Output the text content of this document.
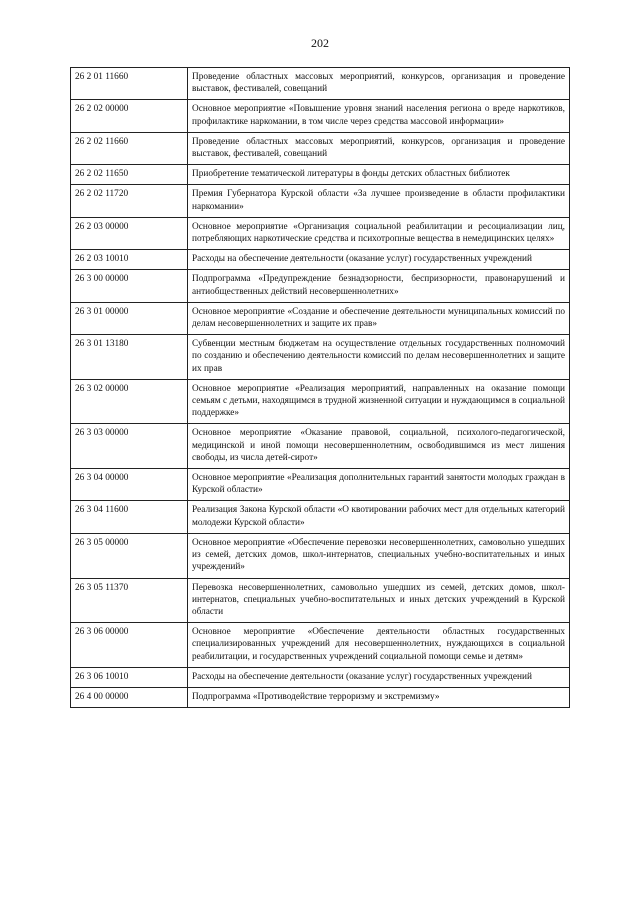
202
26 2 01 11660	Проведение областных массовых мероприятий, конкурсов, организация и проведение выставок, фестивалей, совещаний
26 2 02 00000	Основное мероприятие «Повышение уровня знаний населения региона о вреде наркотиков, профилактике наркомании, в том числе через средства массовой информации»
26 2 02 11660	Проведение областных массовых мероприятий, конкурсов, организация и проведение выставок, фестивалей, совещаний
26 2 02 11650	Приобретение тематической литературы в фонды детских областных библиотек
26 2 02 11720	Премия Губернатора Курской области «За лучшее произведение в области профилактики наркомании»
26 2 03 00000	Основное мероприятие «Организация социальной реабилитации и ресоциализации лиц, потребляющих наркотические средства и психотропные вещества в немедицинских целях»
26 2 03 10010	Расходы на обеспечение деятельности (оказание услуг) государственных учреждений
26 3 00 00000	Подпрограмма «Предупреждение безнадзорности, беспризорности, правонарушений и антиобщественных действий несовершеннолетних»
26 3 01 00000	Основное мероприятие «Создание и обеспечение деятельности муниципальных комиссий по делам несовершеннолетних и защите их прав»
26 3 01 13180	Субвенции местным бюджетам на осуществление отдельных государственных полномочий по созданию и обеспечению деятельности комиссий по делам несовершеннолетних и защите их прав
26 3 02 00000	Основное мероприятие «Реализация мероприятий, направленных на оказание помощи семьям с детьми, находящимся в трудной жизненной ситуации и нуждающимся в социальной поддержке»
26 3 03 00000	Основное мероприятие «Оказание правовой, социальной, психолого-педагогической, медицинской и иной помощи несовершеннолетним, освободившимся из мест лишения свободы, из числа детей-сирот»
26 3 04 00000	Основное мероприятие «Реализация дополнительных гарантий занятости молодых граждан в Курской области»
26 3 04 11600	Реализация Закона Курской области «О квотировании рабочих мест для отдельных категорий молодежи Курской области»
26 3 05 00000	Основное мероприятие «Обеспечение перевозки несовершеннолетних, самовольно ушедших из семей, детских домов, школ-интернатов, специальных учебно-воспитательных и иных учреждений»
26 3 05 11370	Перевозка несовершеннолетних, самовольно ушедших из семей, детских домов, школ-интернатов, специальных учебно-воспитательных и иных детских учреждений в Курской области
26 3 06 00000	Основное мероприятие «Обеспечение деятельности областных государственных специализированных учреждений для несовершеннолетних, нуждающихся в социальной реабилитации, и государственных учреждений социальной помощи семье и детям»
26 3 06 10010	Расходы на обеспечение деятельности (оказание услуг) государственных учреждений
26 4 00 00000	Подпрограмма «Противодействие терроризму и экстремизму»
